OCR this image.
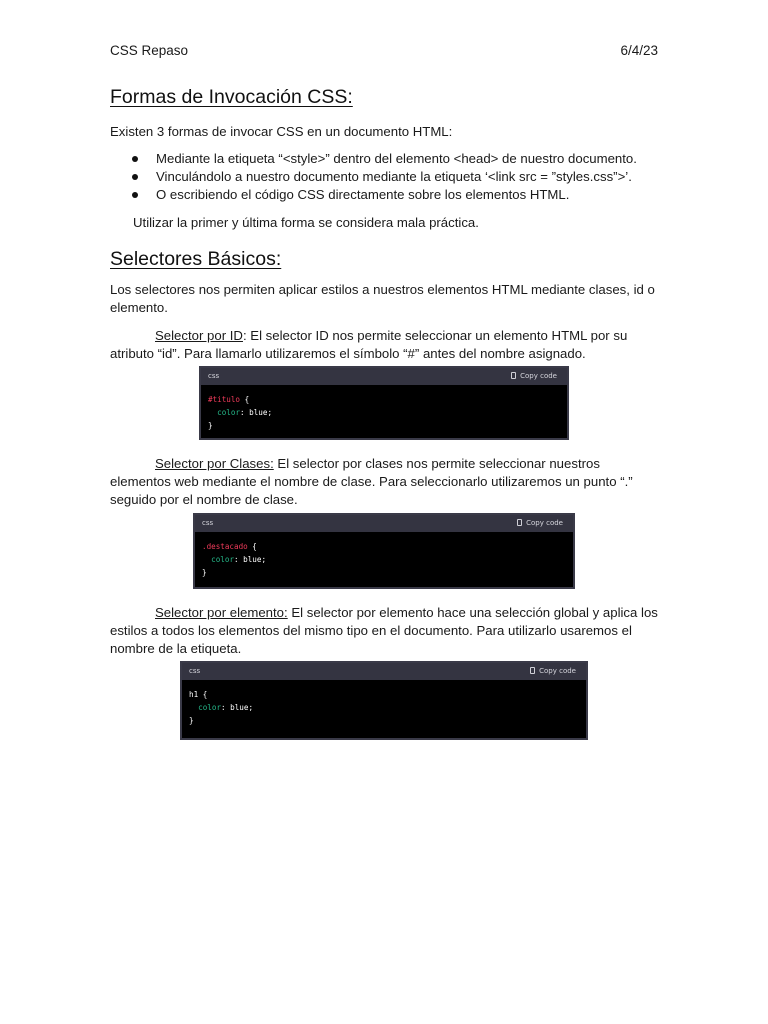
CSS Repaso	6/4/23
Formas de Invocación CSS:

Existen 3 formas de invocar CSS en un documento HTML:

Mediante la etiqueta “<style>” dentro del elemento <head> de nuestro documento.
Vinculándolo a nuestro documento mediante la etiqueta ‘<link src = ”styles.css”>’.
O escribiendo el código CSS directamente sobre los elementos HTML.

Utilizar la primer y última forma se considera mala práctica.

Selectores Básicos:

Los selectores nos permiten aplicar estilos a nuestros elementos HTML mediante clases, id o elemento.

Selector por ID: El selector ID nos permite seleccionar un elemento HTML por su atributo “id”. Para llamarlo utilizaremos el símbolo “#” antes del nombre asignado.

Selector por Clases: El selector por clases nos permite seleccionar nuestros elementos web mediante el nombre de clase. Para seleccionarlo utilizaremos un punto “.” seguido por el nombre de clase.

Selector por elemento: El selector por elemento hace una selección global y aplica los estilos a todos los elementos del mismo tipo en el documento. Para utilizarlo usaremos el nombre de la etiqueta.

css	Copy code
#titulo {
color: blue;
}
css	Copy code
.destacado {
color: blue;
}
css	Copy code
h1 {
color: blue;
}
